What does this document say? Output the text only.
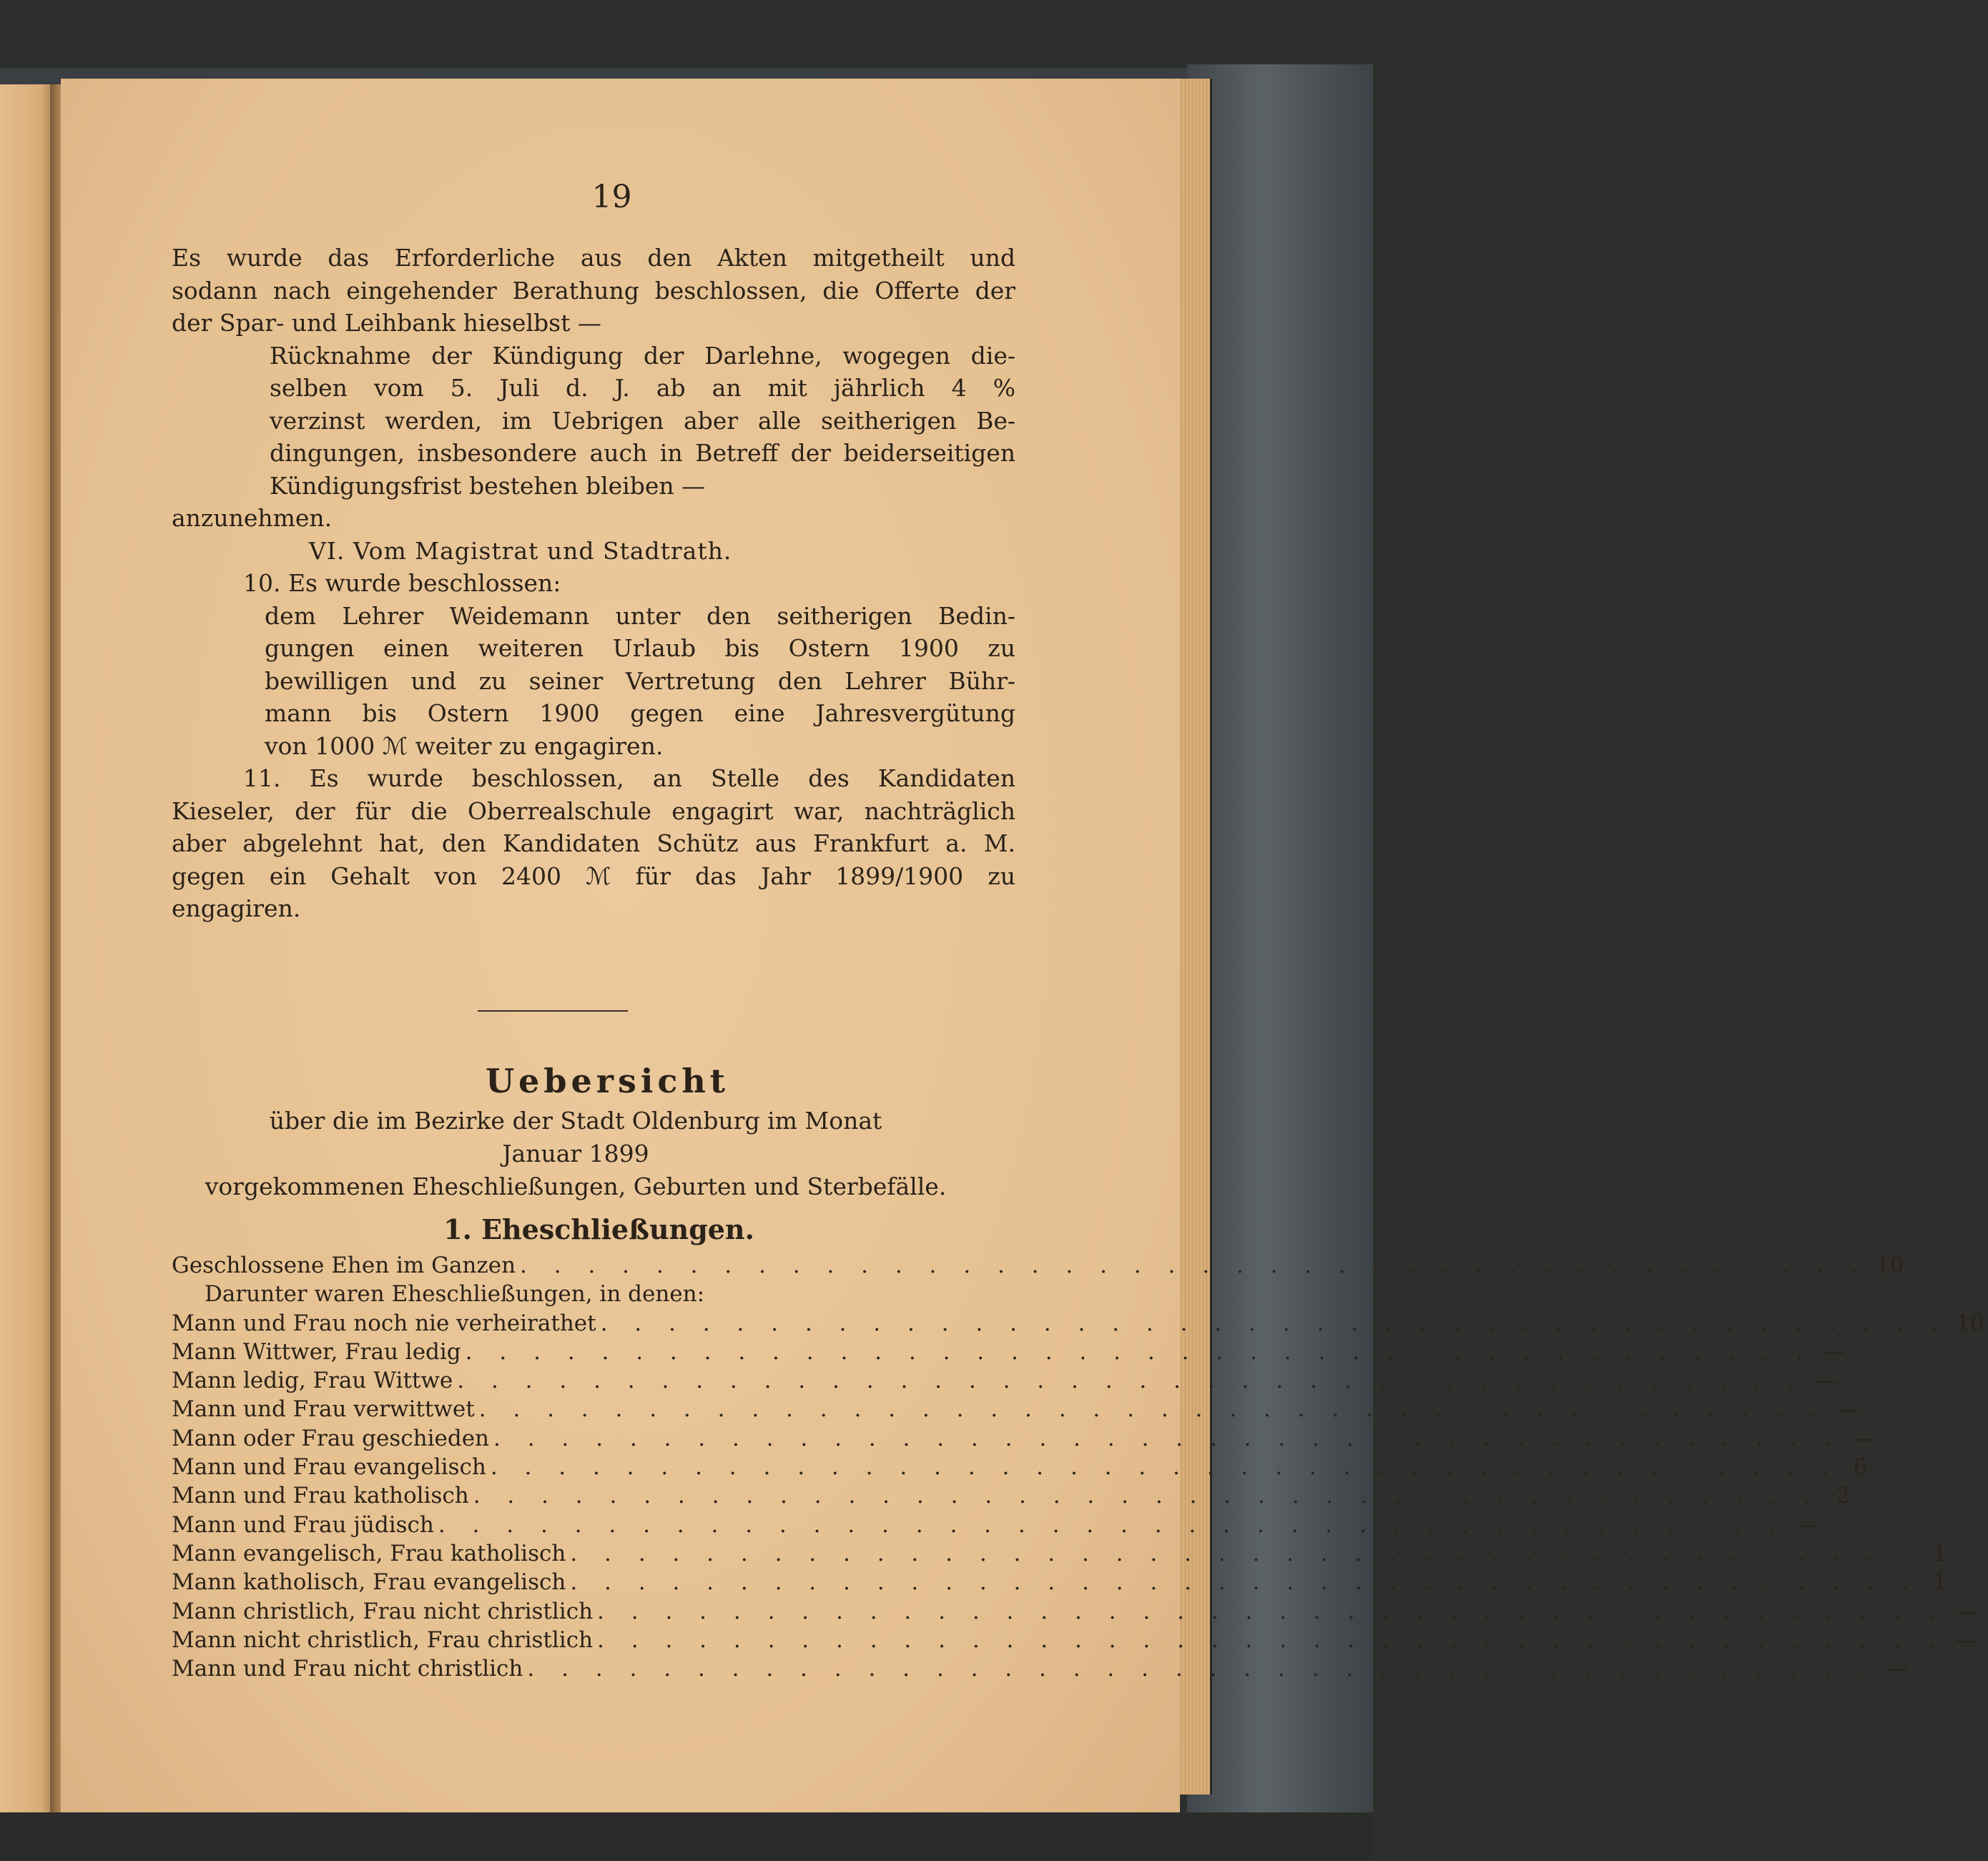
19
Es wurde das Erforderliche aus den Akten mitgetheilt und
sodann nach eingehender Berathung beschlossen, die Offerte der
der Spar- und Leihbank hieselbst —
Rücknahme der Kündigung der Darlehne, wogegen die-
selben vom 5. Juli d. J. ab an mit jährlich 4 %
verzinst werden, im Uebrigen aber alle seitherigen Be-
dingungen, insbesondere auch in Betreff der beiderseitigen
Kündigungsfrist bestehen bleiben —
anzunehmen.
VI. Vom Magistrat und Stadtrath.
10. Es wurde beschlossen:
dem Lehrer Weidemann unter den seitherigen Bedin-
gungen einen weiteren Urlaub bis Ostern 1900 zu
bewilligen und zu seiner Vertretung den Lehrer Bühr-
mann bis Ostern 1900 gegen eine Jahresvergütung
von 1000 ℳ weiter zu engagiren.
11. Es wurde beschlossen, an Stelle des Kandidaten
Kieseler, der für die Oberrealschule engagirt war, nachträglich
aber abgelehnt hat, den Kandidaten Schütz aus Frankfurt a. M.
gegen ein Gehalt von 2400 ℳ für das Jahr 1899/1900 zu
engagiren.
Uebersicht
über die im Bezirke der Stadt Oldenburg im Monat
Januar 1899
vorgekommenen Eheschließungen, Geburten und Sterbefälle.
1. Eheschließungen.
Geschlossene Ehen im Ganzen . . . . . . . . . . . . . . . . . . . . . . . . . . . . . . . . . . . . . . . . 10
Darunter waren Eheschließungen, in denen:
Mann und Frau noch nie verheirathet . . . . . . . . . . . . . . . . . . . . . . . . . . . . . . . . . . . . . . . . 10
Mann Wittwer, Frau ledig . . . . . . . . . . . . . . . . . . . . . . . . . . . . . . . . . . . . . . . . —
Mann ledig, Frau Wittwe . . . . . . . . . . . . . . . . . . . . . . . . . . . . . . . . . . . . . . . . —
Mann und Frau verwittwet . . . . . . . . . . . . . . . . . . . . . . . . . . . . . . . . . . . . . . . . —
Mann oder Frau geschieden . . . . . . . . . . . . . . . . . . . . . . . . . . . . . . . . . . . . . . . . —
Mann und Frau evangelisch . . . . . . . . . . . . . . . . . . . . . . . . . . . . . . . . . . . . . . . . 6
Mann und Frau katholisch . . . . . . . . . . . . . . . . . . . . . . . . . . . . . . . . . . . . . . . . 2
Mann und Frau jüdisch . . . . . . . . . . . . . . . . . . . . . . . . . . . . . . . . . . . . . . . . —
Mann evangelisch, Frau katholisch . . . . . . . . . . . . . . . . . . . . . . . . . . . . . . . . . . . . . . . . 1
Mann katholisch, Frau evangelisch . . . . . . . . . . . . . . . . . . . . . . . . . . . . . . . . . . . . . . . . 1
Mann christlich, Frau nicht christlich . . . . . . . . . . . . . . . . . . . . . . . . . . . . . . . . . . . . . . . . —
Mann nicht christlich, Frau christlich . . . . . . . . . . . . . . . . . . . . . . . . . . . . . . . . . . . . . . . . —
Mann und Frau nicht christlich . . . . . . . . . . . . . . . . . . . . . . . . . . . . . . . . . . . . . . . . —
